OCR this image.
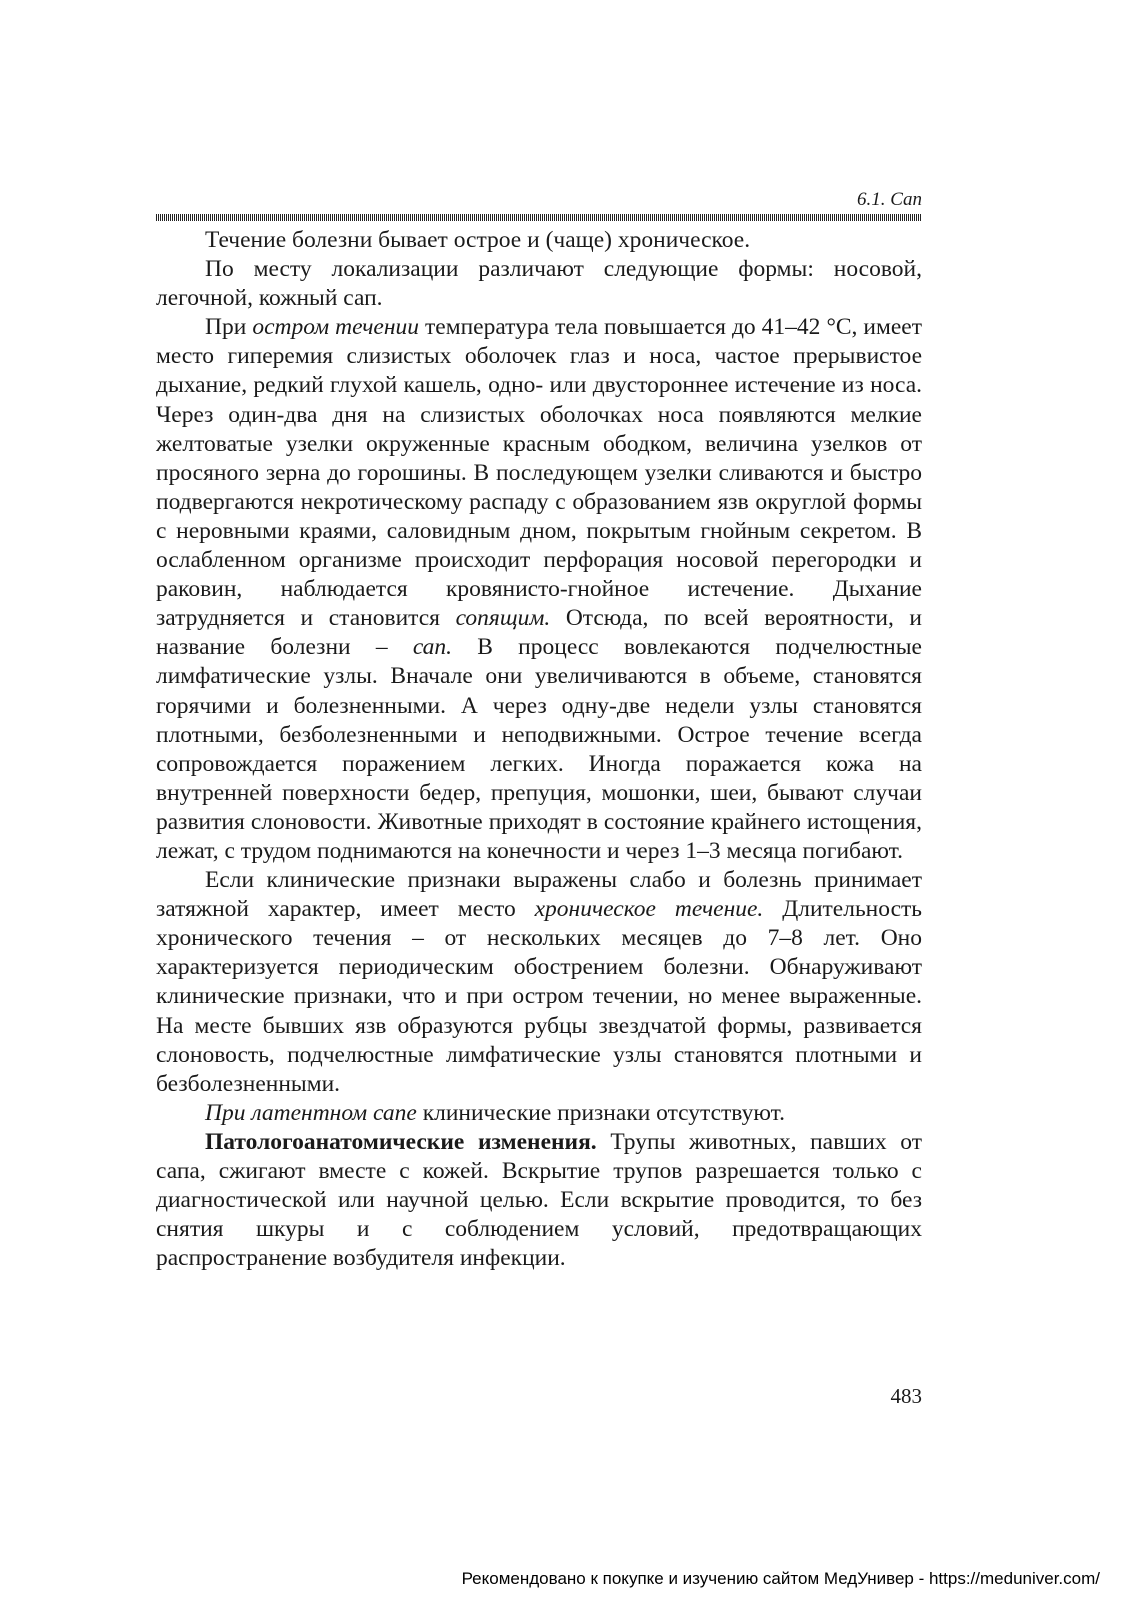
6.1. Сап

Течение болезни бывает острое и (чаще) хроническое.

По месту локализации различают следующие формы: носовой, легочной, кожный сап.

При остром течении температура тела повышается до 41–42 °С, имеет место гиперемия слизистых оболочек глаз и носа, частое прерывистое дыхание, редкий глухой кашель, одно- или двустороннее истечение из носа. Через один-два дня на слизистых оболочках носа появляются мелкие желтоватые узелки окруженные красным ободком, величина узелков от просяного зерна до горошины. В последующем узелки сливаются и быстро подвергаются некротическому распаду с образованием язв округлой формы с неровными краями, саловидным дном, покрытым гнойным секретом. В ослабленном организме происходит перфорация носовой перегородки и раковин, наблюдается кровянисто-гнойное истечение. Дыхание затрудняется и становится сопящим. Отсюда, по всей вероятности, и название болезни – сап. В процесс вовлекаются подчелюстные лимфатические узлы. Вначале они увеличиваются в объеме, становятся горячими и болезненными. А через одну-две недели узлы становятся плотными, безболезненными и неподвижными. Острое течение всегда сопровождается поражением легких. Иногда поражается кожа на внутренней поверхности бедер, препуция, мошонки, шеи, бывают случаи развития слоновости. Животные приходят в состояние крайнего истощения, лежат, с трудом поднимаются на конечности и через 1–3 месяца погибают.

Если клинические признаки выражены слабо и болезнь принимает затяжной характер, имеет место хроническое течение. Длительность хронического течения – от нескольких месяцев до 7–8 лет. Оно характеризуется периодическим обострением болезни. Обнаруживают клинические признаки, что и при остром течении, но менее выраженные. На месте бывших язв образуются рубцы звездчатой формы, развивается слоновость, подчелюстные лимфатические узлы становятся плотными и безболезненными.

При латентном сапе клинические признаки отсутствуют.

Патологоанатомические изменения. Трупы животных, павших от сапа, сжигают вместе с кожей. Вскрытие трупов разрешается только с диагностической или научной целью. Если вскрытие проводится, то без снятия шкуры и с соблюдением условий, предотвращающих распространение возбудителя инфекции.

483
Рекомендовано к покупке и изучению сайтом МедУнивер - https://meduniver.com/
